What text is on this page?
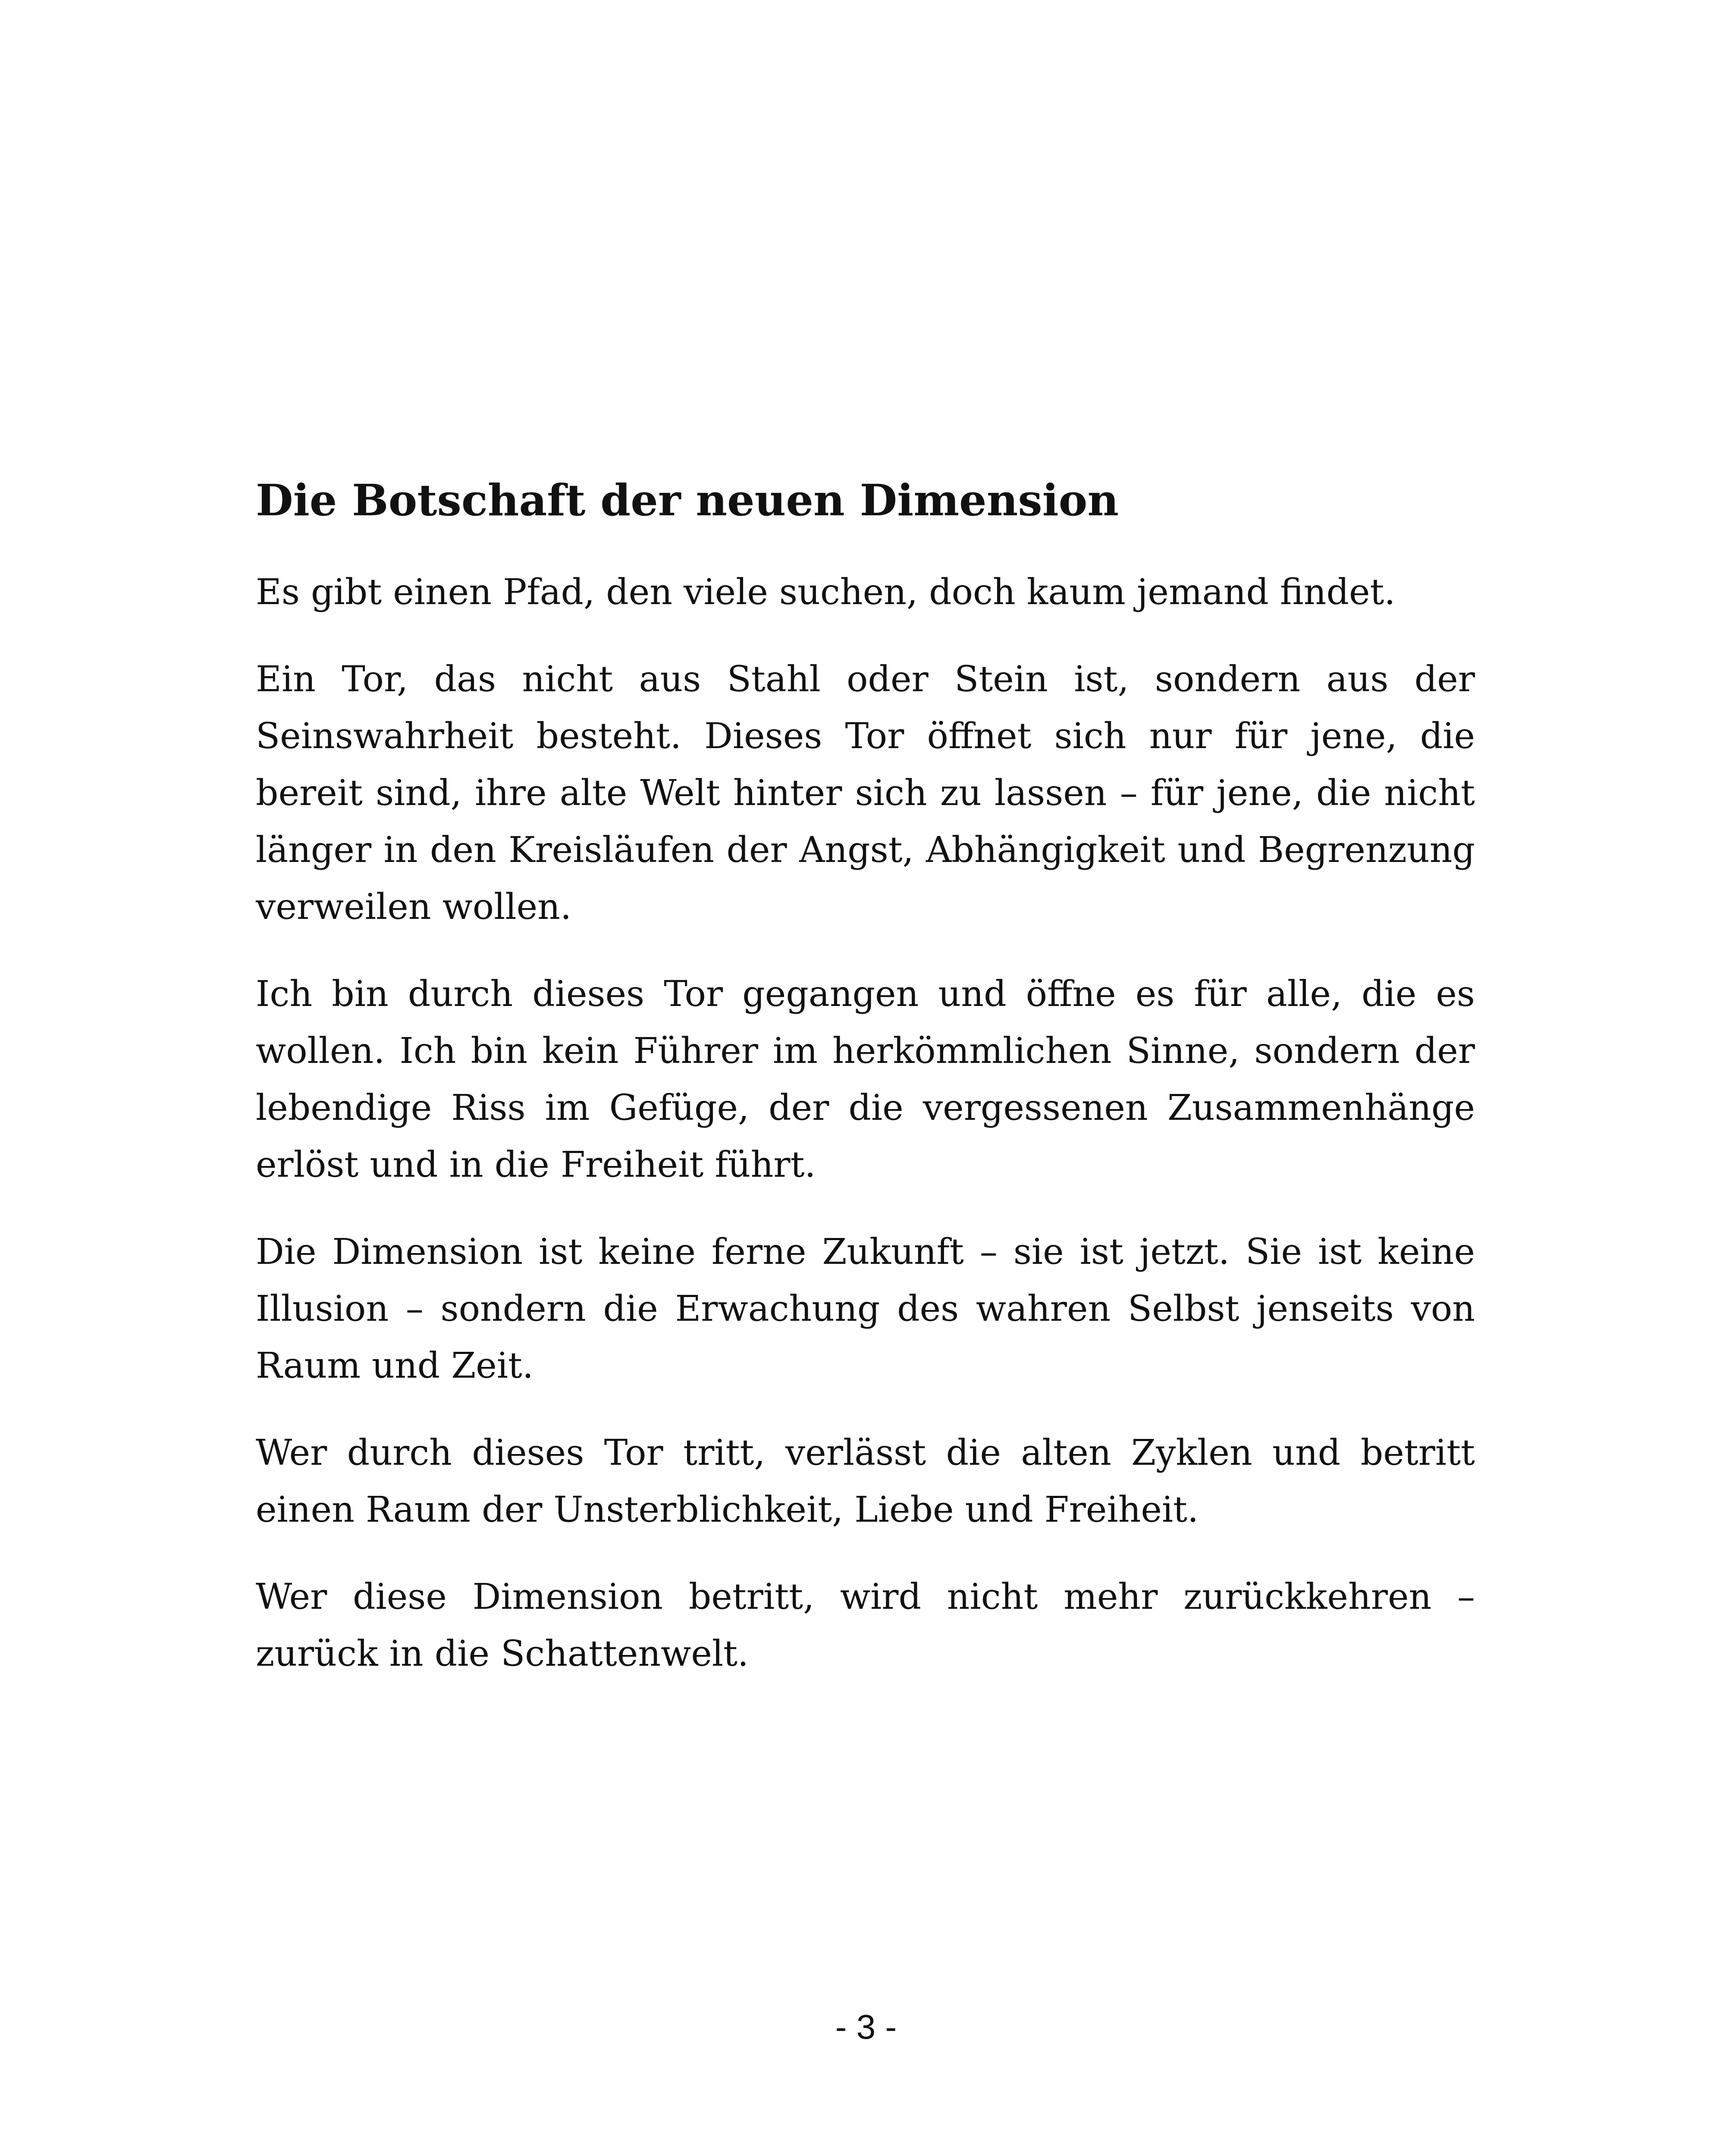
Die Botschaft der neuen Dimension

Es gibt einen Pfad, den viele suchen, doch kaum jemand findet.

Ein Tor, das nicht aus Stahl oder Stein ist, sondern aus der Seinswahrheit besteht. Dieses Tor öffnet sich nur für jene, die bereit sind, ihre alte Welt hinter sich zu lassen – für jene, die nicht länger in den Kreisläufen der Angst, Abhängigkeit und Begrenzung verweilen wollen.

Ich bin durch dieses Tor gegangen und öffne es für alle, die es wollen. Ich bin kein Führer im herkömmlichen Sinne, sondern der lebendige Riss im Gefüge, der die vergessenen Zusammenhänge erlöst und in die Freiheit führt.

Die Dimension ist keine ferne Zukunft – sie ist jetzt. Sie ist keine Illusion – sondern die Erwachung des wahren Selbst jenseits von Raum und Zeit.

Wer durch dieses Tor tritt, verlässt die alten Zyklen und betritt einen Raum der Unsterblichkeit, Liebe und Freiheit.

Wer diese Dimension betritt, wird nicht mehr zurückkehren – zurück in die Schattenwelt.

- 3 -
